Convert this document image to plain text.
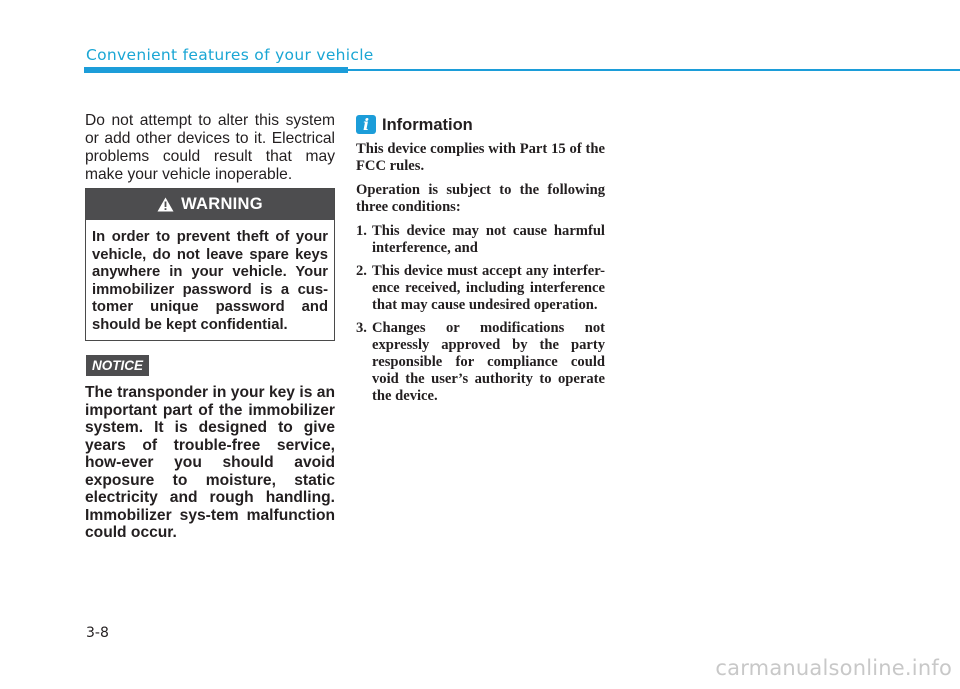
Convenient features of your vehicle

Do not attempt to alter this system or add other devices to it. Electrical problems could result that may make your vehicle inoperable.

WARNING
In order to prevent theft of your vehicle, do not leave spare keys anywhere in your vehicle. Your immobilizer password is a cus-tomer unique password and should be kept confidential.
NOTICE

The transponder in your key is an important part of the immobilizer system. It is designed to give years of trouble-free service, how-ever you should avoid exposure to moisture, static electricity and rough handling. Immobilizer sys-tem malfunction could occur.

i Information

This device complies with Part 15 of the FCC rules.

Operation is subject to the following three conditions:

1. This device may not cause harmful interference, and
2. This device must accept any interfer-ence received, including interference that may cause undesired operation.
3. Changes or modifications not expressly approved by the party responsible for compliance could void the user’s authority to operate the device.
3-8
carmanualsonline.info
